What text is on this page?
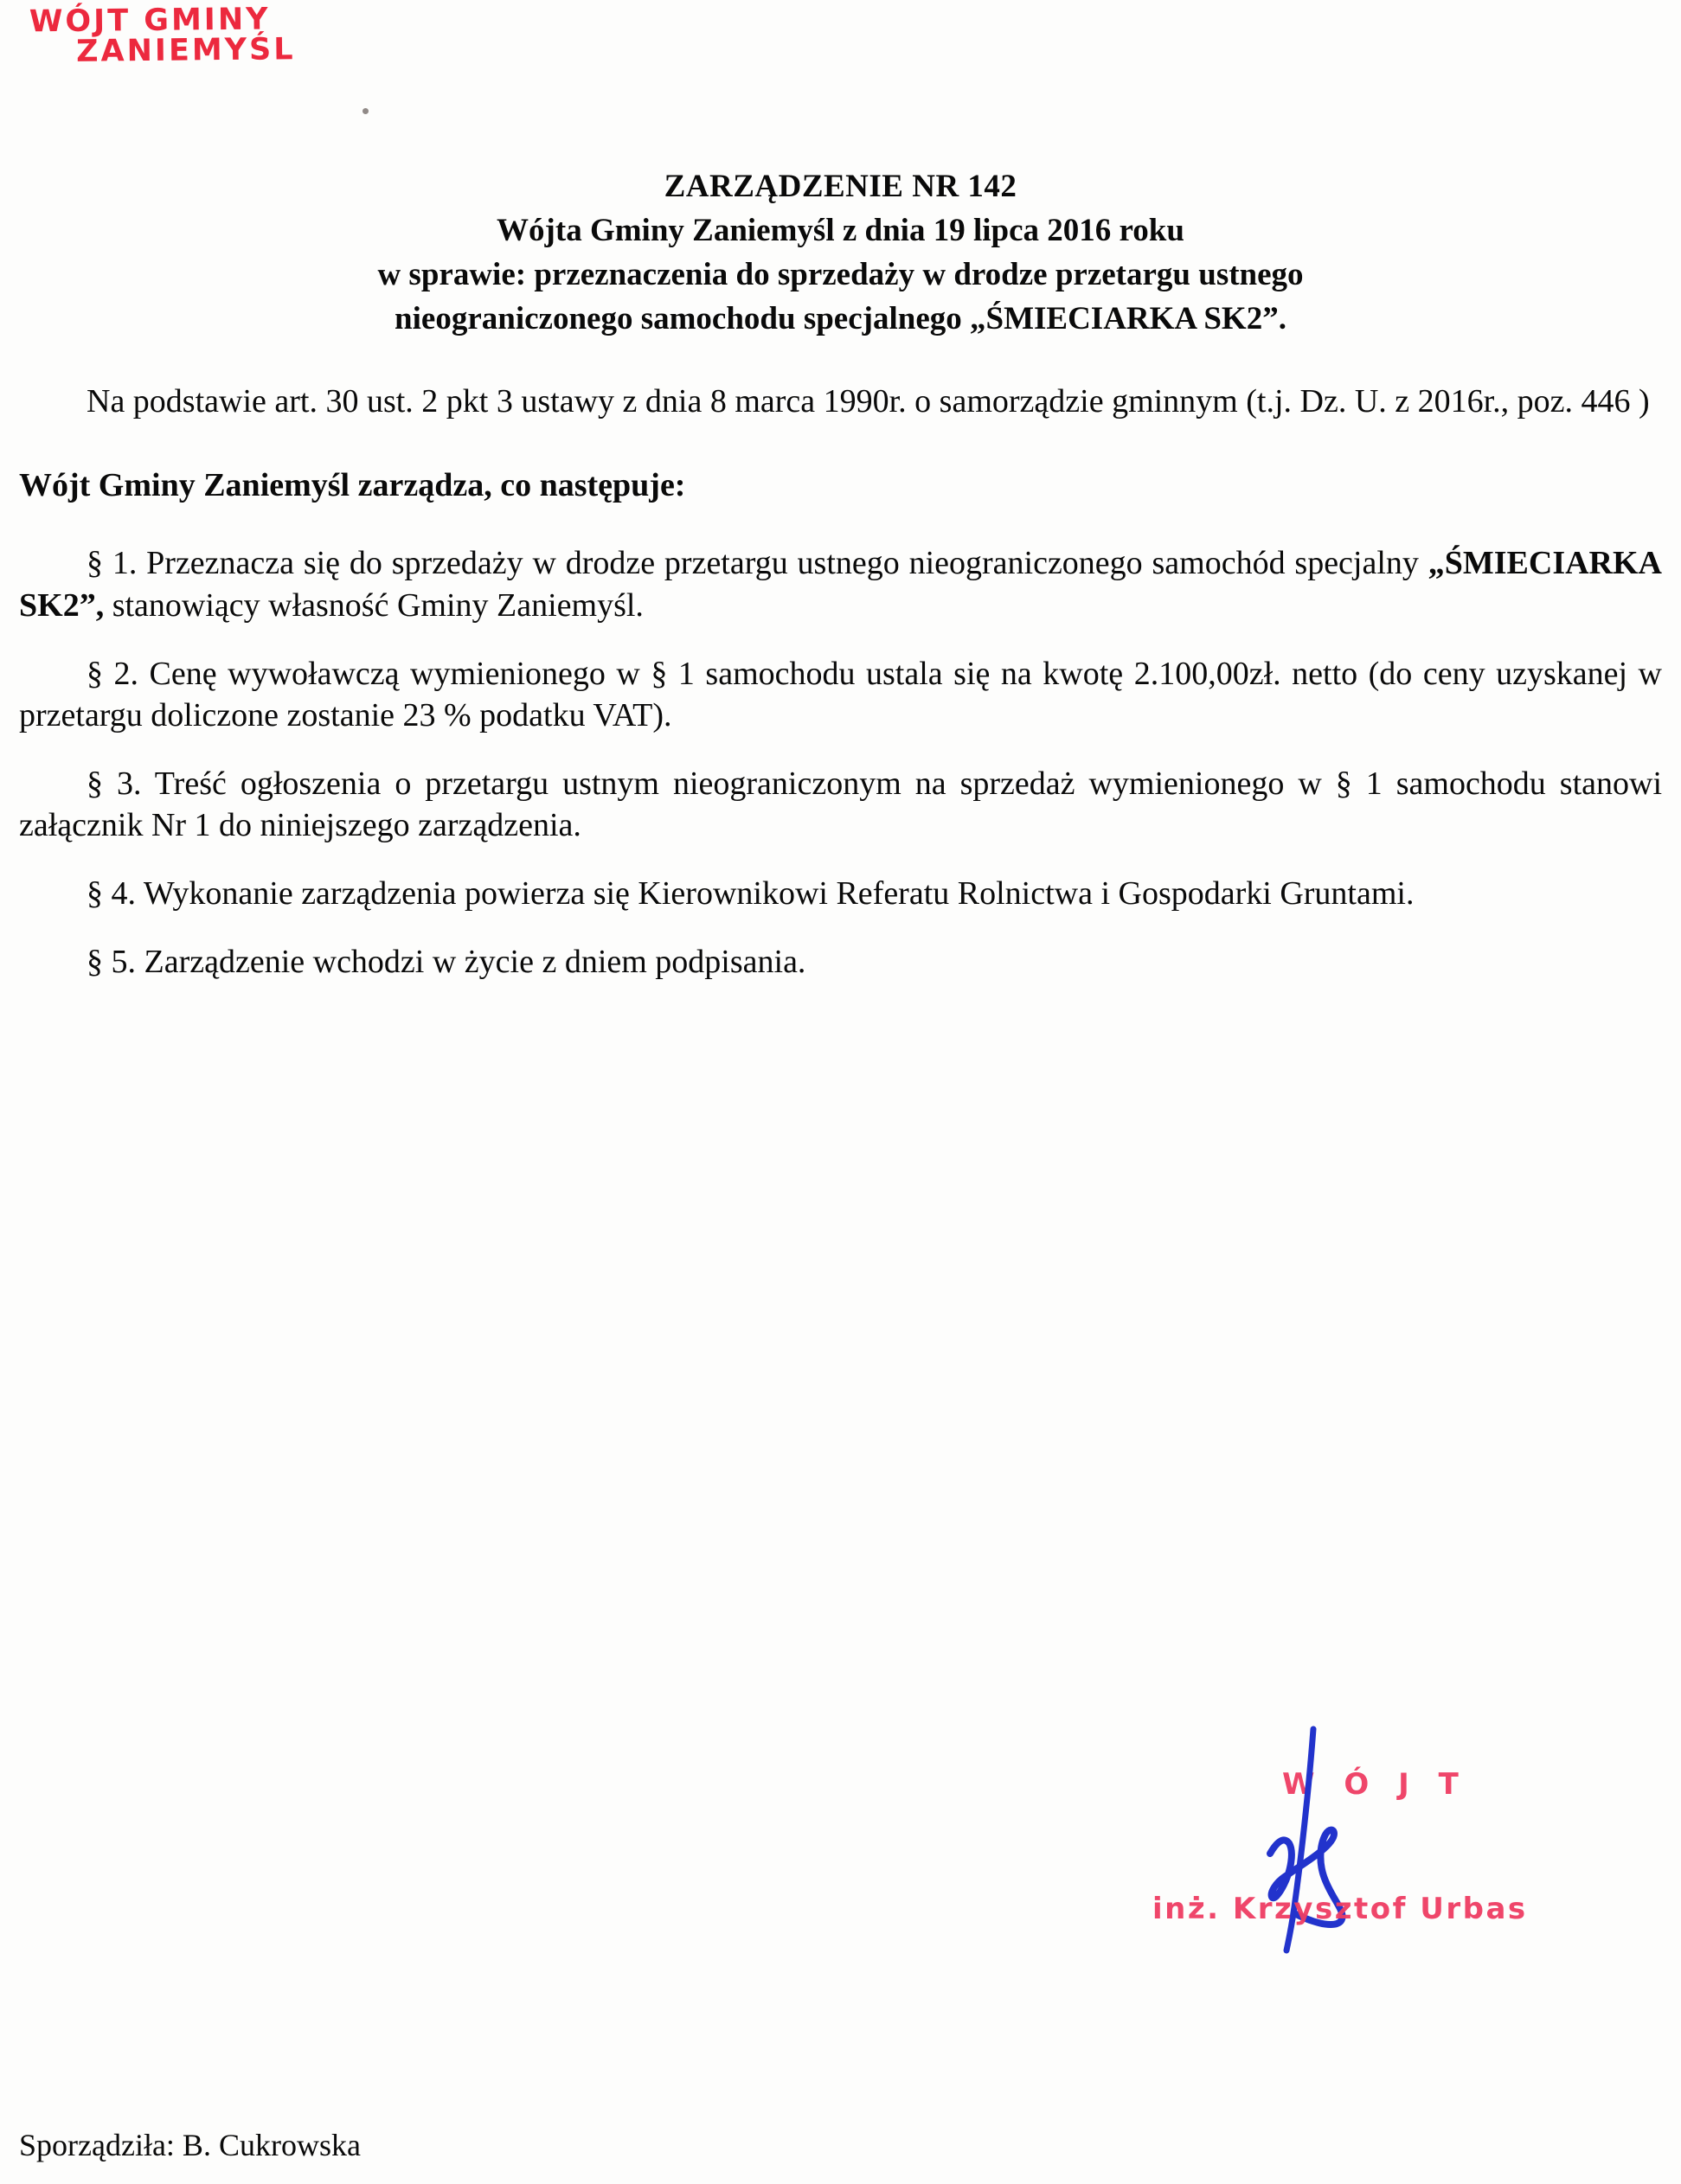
WÓJT GMINY ZANIEMYŚL
ZARZĄDZENIE NR 142
Wójta Gminy Zaniemyśl z dnia 19 lipca 2016 roku
w sprawie: przeznaczenia do sprzedaży w drodze przetargu ustnego
nieograniczonego samochodu specjalnego „ŚMIECIARKA SK2”.

Na podstawie art. 30 ust. 2 pkt 3 ustawy z dnia 8 marca 1990r. o samorządzie gminnym (t.j. Dz. U. z 2016r., poz. 446 )

Wójt Gminy Zaniemyśl zarządza, co następuje:

§ 1. Przeznacza się do sprzedaży w drodze przetargu ustnego nieograniczonego samochód specjalny „ŚMIECIARKA SK2”, stanowiący własność Gminy Zaniemyśl.

§ 2. Cenę wywoławczą wymienionego w § 1 samochodu ustala się na kwotę 2.100,00zł. netto (do ceny uzyskanej w przetargu doliczone zostanie 23 % podatku VAT).

§ 3. Treść ogłoszenia o przetargu ustnym nieograniczonym na sprzedaż wymienionego w § 1 samochodu stanowi załącznik Nr 1 do niniejszego zarządzenia.

§ 4. Wykonanie zarządzenia powierza się Kierownikowi Referatu Rolnictwa i Gospodarki Gruntami.

§ 5. Zarządzenie wchodzi w życie z dniem podpisania.

W Ó J T
inż. Krzysztof Urbas
Sporządziła: B. Cukrowska
